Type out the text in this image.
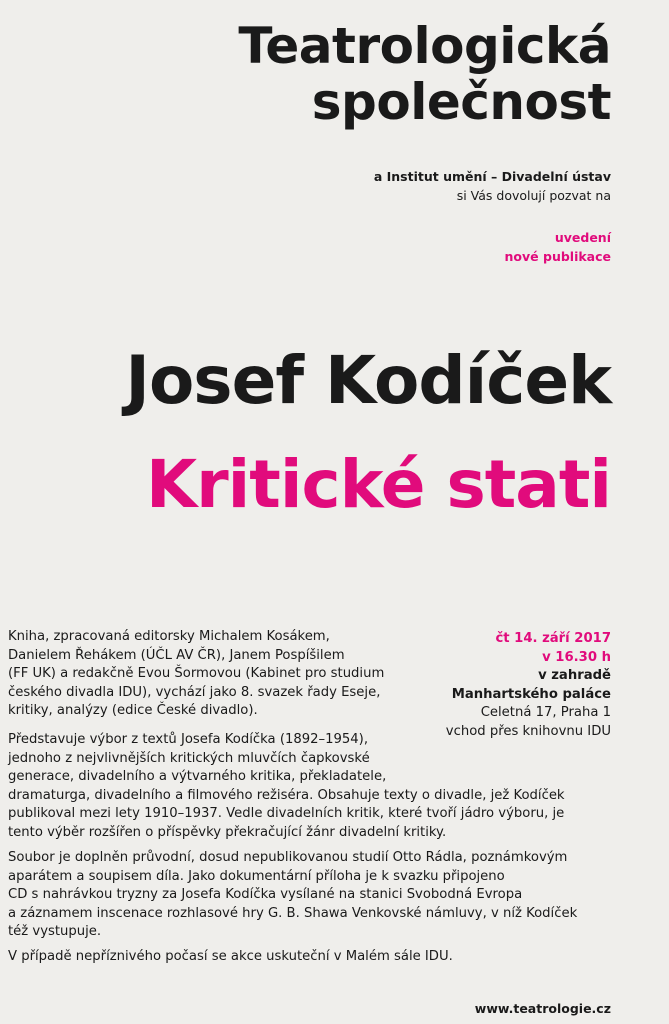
Teatrologická
společnost
a Institut umění – Divadelní ústav
si Vás dovolují pozvat na
uvedení
nové publikace
Josef Kodíček
Kritické stati
Kniha, zpracovaná editorsky Michalem Kosákem,
Danielem Řehákem (ÚČL AV ČR), Janem Pospíšilem
(FF UK) a redakčně Evou Šormovou (Kabinet pro studium
českého divadla IDU), vychází jako 8. svazek řady Eseje,
kritiky, analýzy (edice České divadlo).
čt 14. září 2017
v 16.30 h
v zahradě
Manhartského paláce
Celetná 17, Praha 1
vchod přes knihovnu IDU
Představuje výbor z textů Josefa Kodíčka (1892–1954),
jednoho z nejvlivnějších kritických mluvčích čapkovské
generace, divadelního a výtvarného kritika, překladatele,
dramaturga, divadelního a filmového režiséra. Obsahuje texty o divadle, jež Kodíček
publikoval mezi lety 1910–1937. Vedle divadelních kritik, které tvoří jádro výboru, je
tento výběr rozšířen o příspěvky překračující žánr divadelní kritiky.
Soubor je doplněn průvodní, dosud nepublikovanou studií Otto Rádla, poznámkovým
aparátem a soupisem díla. Jako dokumentární příloha je k svazku připojeno
CD s nahrávkou tryzny za Josefa Kodíčka vysílané na stanici Svobodná Evropa
a záznamem inscenace rozhlasové hry G. B. Shawa Venkovské námluvy, v níž Kodíček
též vystupuje.
V případě nepříznivého počasí se akce uskuteční v Malém sále IDU.
www.teatrologie.cz
